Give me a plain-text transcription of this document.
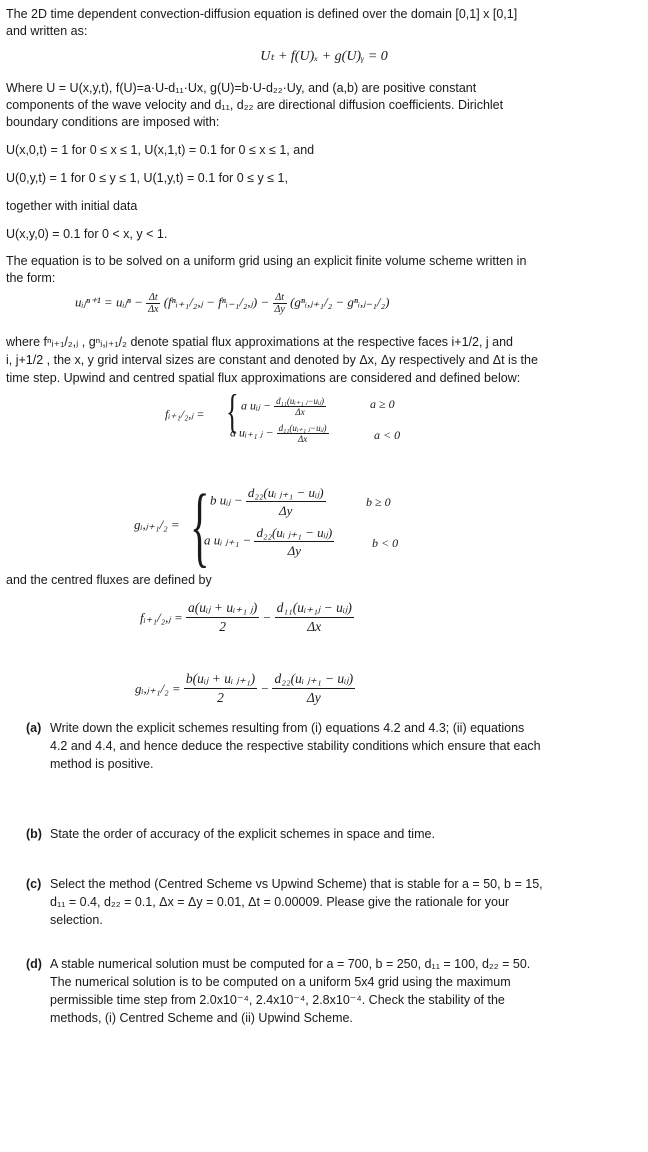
The 2D time dependent convection-diffusion equation is defined over the domain [0,1] x [0,1]
and written as:
Uₜ + f(U)ₓ + g(U)ᵧ = 0
Where U = U(x,y,t), f(U)=a·U-d₁₁·Ux, g(U)=b·U-d₂₂·Uy, and (a,b) are positive constant
components of the wave velocity and d₁₁, d₂₂ are directional diffusion coefficients. Dirichlet
boundary conditions are imposed with:
U(x,0,t) = 1 for 0 ≤ x ≤ 1, U(x,1,t) = 0.1 for 0 ≤ x ≤ 1, and
U(0,y,t) = 1 for 0 ≤ y ≤ 1, U(1,y,t) = 0.1 for 0 ≤ y ≤ 1,
together with initial data
U(x,y,0) = 0.1 for 0 < x, y < 1.
The equation is to be solved on a uniform grid using an explicit finite volume scheme written in
the form:
uᵢⱼⁿ⁺¹ = uᵢⱼⁿ − $\frac{\Delta t}{\Delta x}$ (fⁿᵢ₊₁/₂,ⱼ − fⁿᵢ₋₁/₂,ⱼ) − $\frac{\Delta t}{\Delta y}$ (gⁿᵢ,ⱼ₊₁/₂ − gⁿᵢ,ⱼ₋₁/₂)
where fⁿᵢ₊₁/₂,ⱼ , gⁿᵢ,ⱼ₊₁/₂ denote spatial flux approximations at the respective faces i+1/2, j and
i, j+1/2 , the x, y grid interval sizes are constant and denoted by Δx, Δy respectively and Δt is the
time step. Upwind and centred spatial flux approximations are considered and defined below:
fᵢ₊₁/₂,ⱼ = { a uᵢⱼ − $\frac{\text{d₁₁(uᵢ₊₁ ⱼ−uᵢⱼ)}}{\Delta x}$	a ≥ 0
a uᵢ₊₁ ⱼ − $\frac{\text{d₁₁(uᵢ₊₁ ⱼ−uᵢⱼ)}}{\Delta x}$	a < 0
gᵢ,ⱼ₊₁/₂ = { b uᵢⱼ − $\frac{\text{d₂₂(uᵢ ⱼ₊₁ − uᵢⱼ)}}{\Delta y}$	b ≥ 0
a uᵢ ⱼ₊₁ − $\frac{\text{d₂₂(uᵢ ⱼ₊₁ − uᵢⱼ)}}{\Delta y}$	b < 0
and the centred fluxes are defined by
fᵢ₊₁/₂,ⱼ = $\frac{\text{a(uᵢⱼ + uᵢ₊₁ ⱼ)}}{2} - \frac{\text{d₁₁(uᵢ₊₁ⱼ − uᵢⱼ)}}{\Delta x}$
gᵢ,ⱼ₊₁/₂ = $\frac{\text{b(uᵢⱼ + uᵢ ⱼ₊₁)}}{2} - \frac{\text{d₂₂(uᵢ ⱼ₊₁ − uᵢⱼ)}}{\Delta y}$
(a) Write down the explicit schemes resulting from (i) equations 4.2 and 4.3; (ii) equations
4.2 and 4.4, and hence deduce the respective stability conditions which ensure that each
method is positive.
(b) State the order of accuracy of the explicit schemes in space and time.
(c) Select the method (Centred Scheme vs Upwind Scheme) that is stable for a = 50, b = 15,
d₁₁ = 0.4, d₂₂ = 0.1, Δx = Δy = 0.01, Δt = 0.00009. Please give the rationale for your
selection.
(d) A stable numerical solution must be computed for a = 700, b = 250, d₁₁ = 100, d₂₂ = 50.
The numerical solution is to be computed on a uniform 5x4 grid using the maximum
permissible time step from 2.0x10⁻⁴, 2.4x10⁻⁴, 2.8x10⁻⁴. Check the stability of the
methods, (i) Centred Scheme and (ii) Upwind Scheme.
